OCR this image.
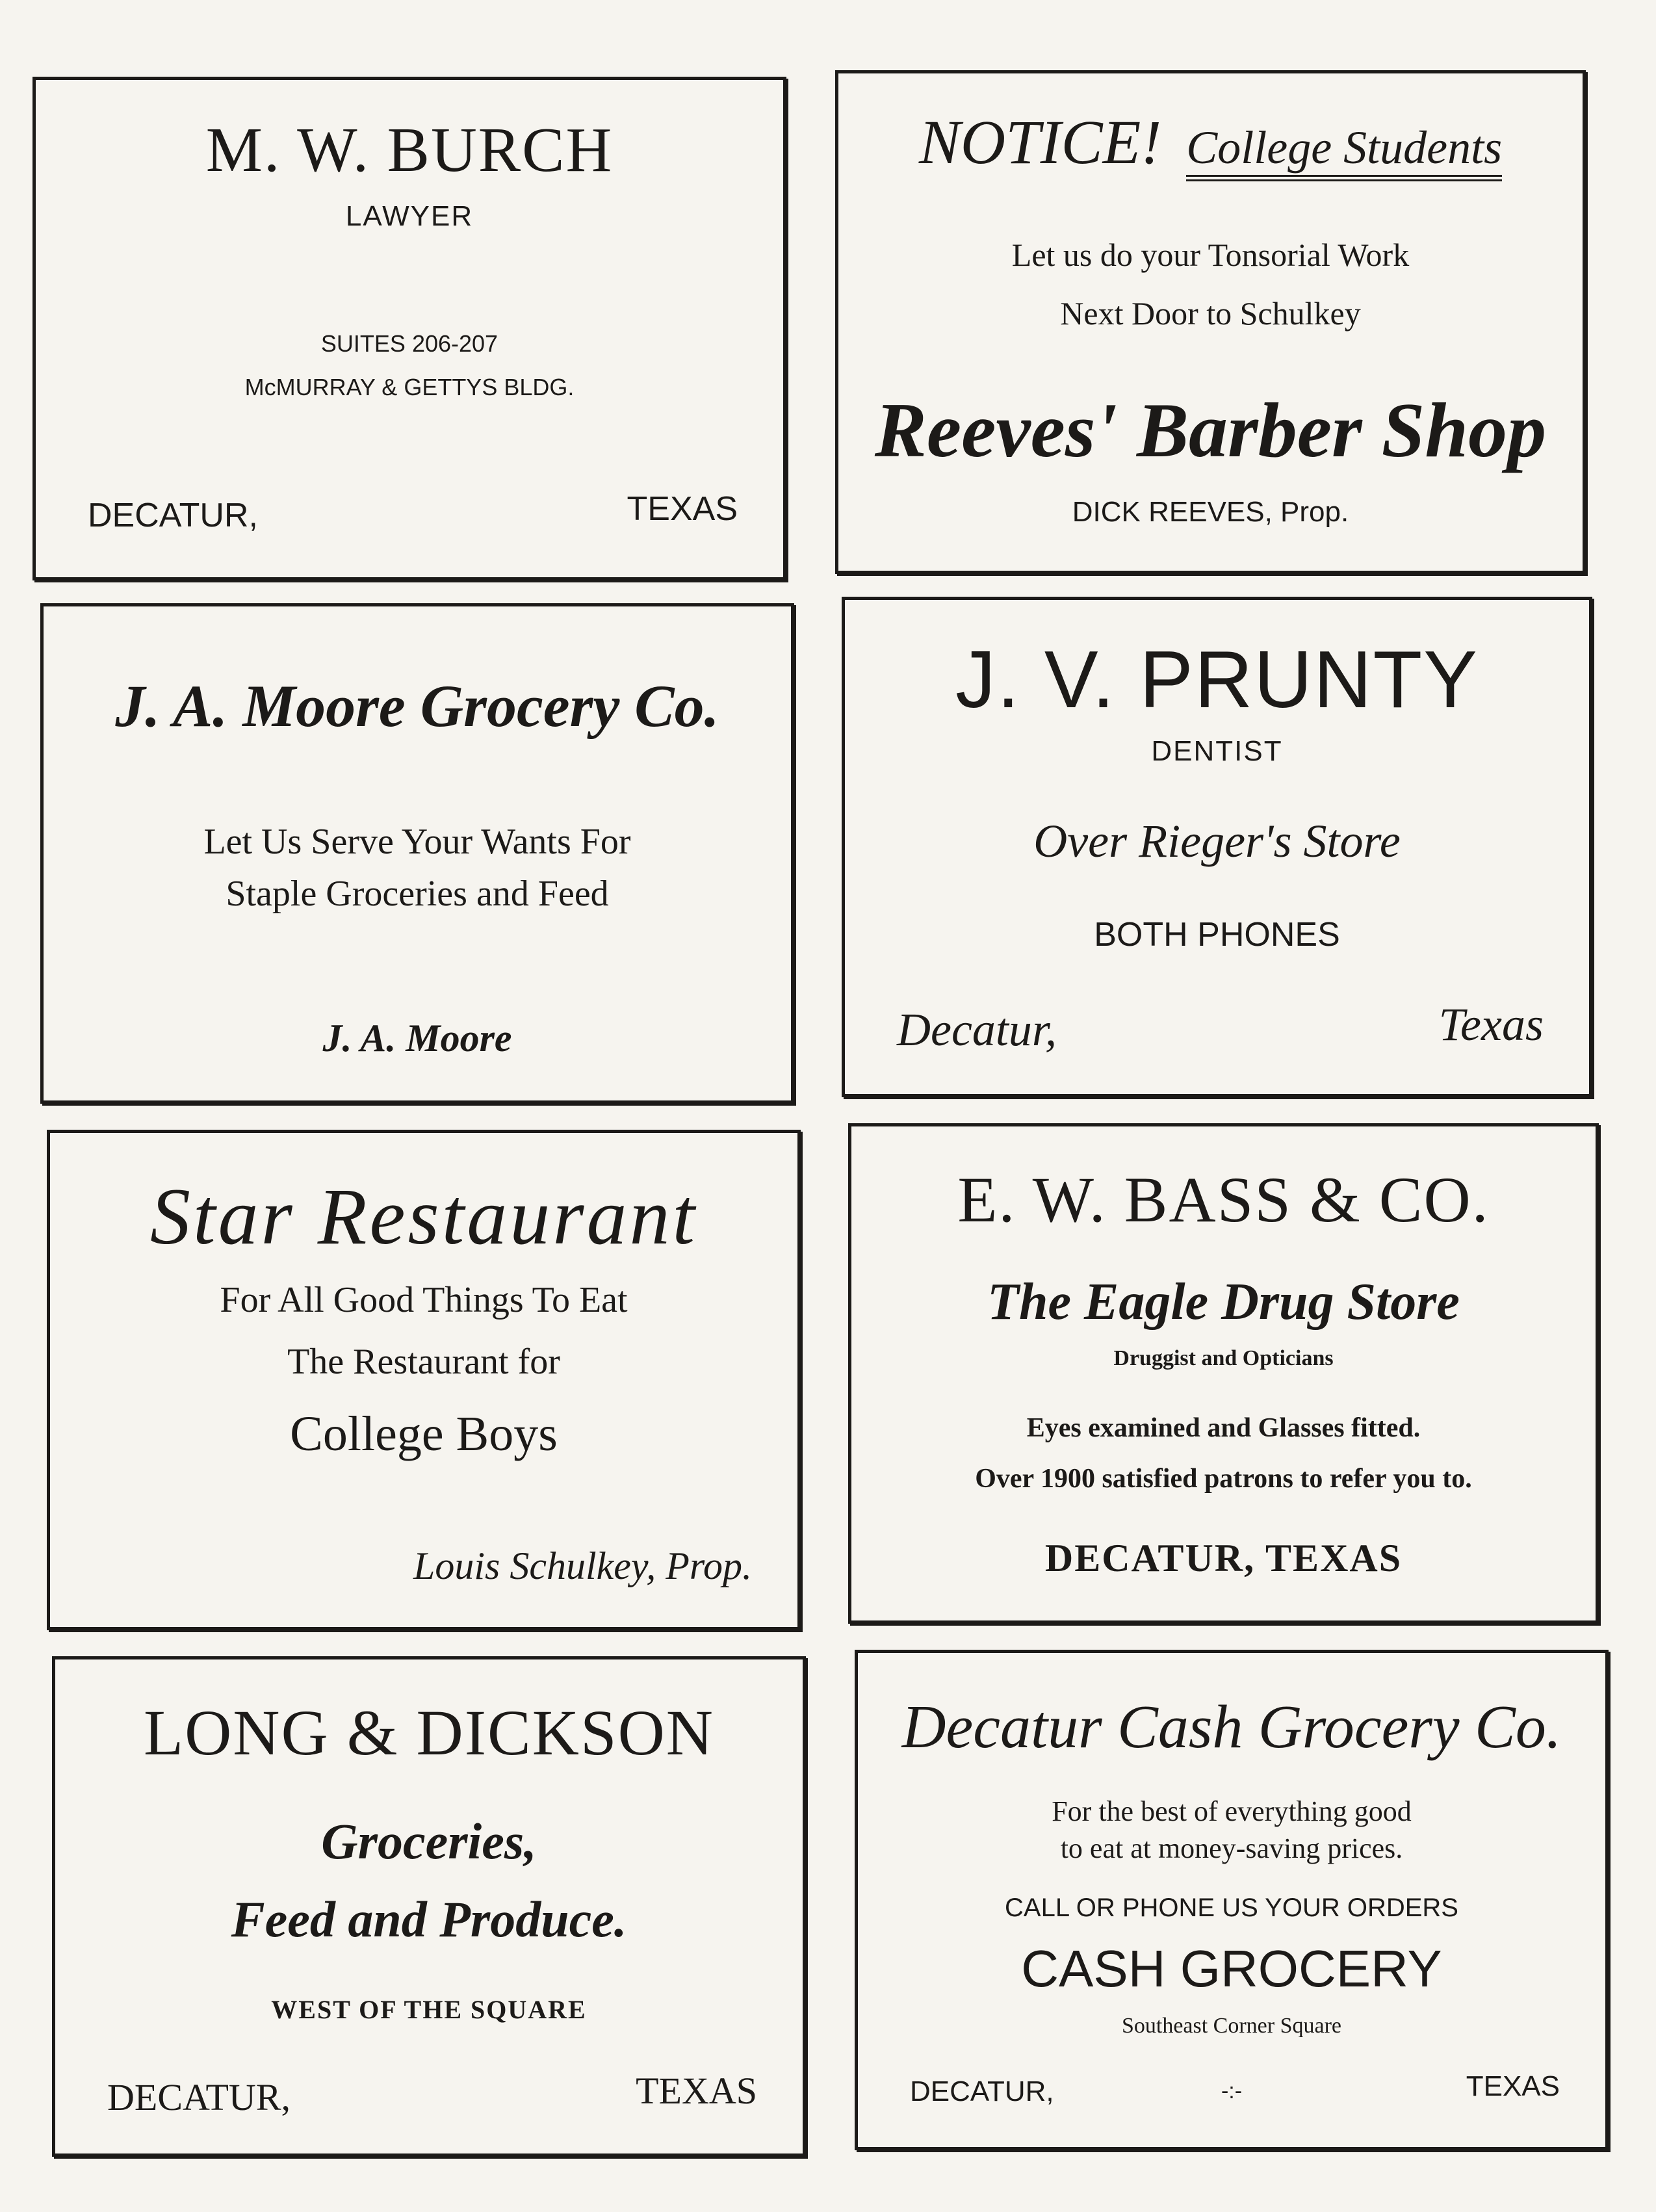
M. W. BURCH
LAWYER
SUITES 206-207
McMURRAY & GETTYS BLDG.
DECATUR,	TEXAS
NOTICE! College Students
Let us do your Tonsorial Work
Next Door to Schulkey
Reeves' Barber Shop
DICK REEVES, Prop.
J. A. Moore Grocery Co.
Let Us Serve Your Wants For
Staple Groceries and Feed
J. A. Moore
J. V. PRUNTY
DENTIST
Over Rieger's Store
BOTH PHONES
Decatur,	Texas
Star Restaurant
For All Good Things To Eat
The Restaurant for
College Boys
Louis Schulkey, Prop.
E. W. BASS & CO.
The Eagle Drug Store
Druggist and Opticians
Eyes examined and Glasses fitted.
Over 1900 satisfied patrons to refer you to.
DECATUR, TEXAS
LONG & DICKSON
Groceries,
Feed and Produce.
WEST OF THE SQUARE
DECATUR,	TEXAS
Decatur Cash Grocery Co.
For the best of everything good
to eat at money-saving prices.
CALL OR PHONE US YOUR ORDERS
CASH GROCERY
Southeast Corner Square
DECATUR,	-:-	TEXAS
